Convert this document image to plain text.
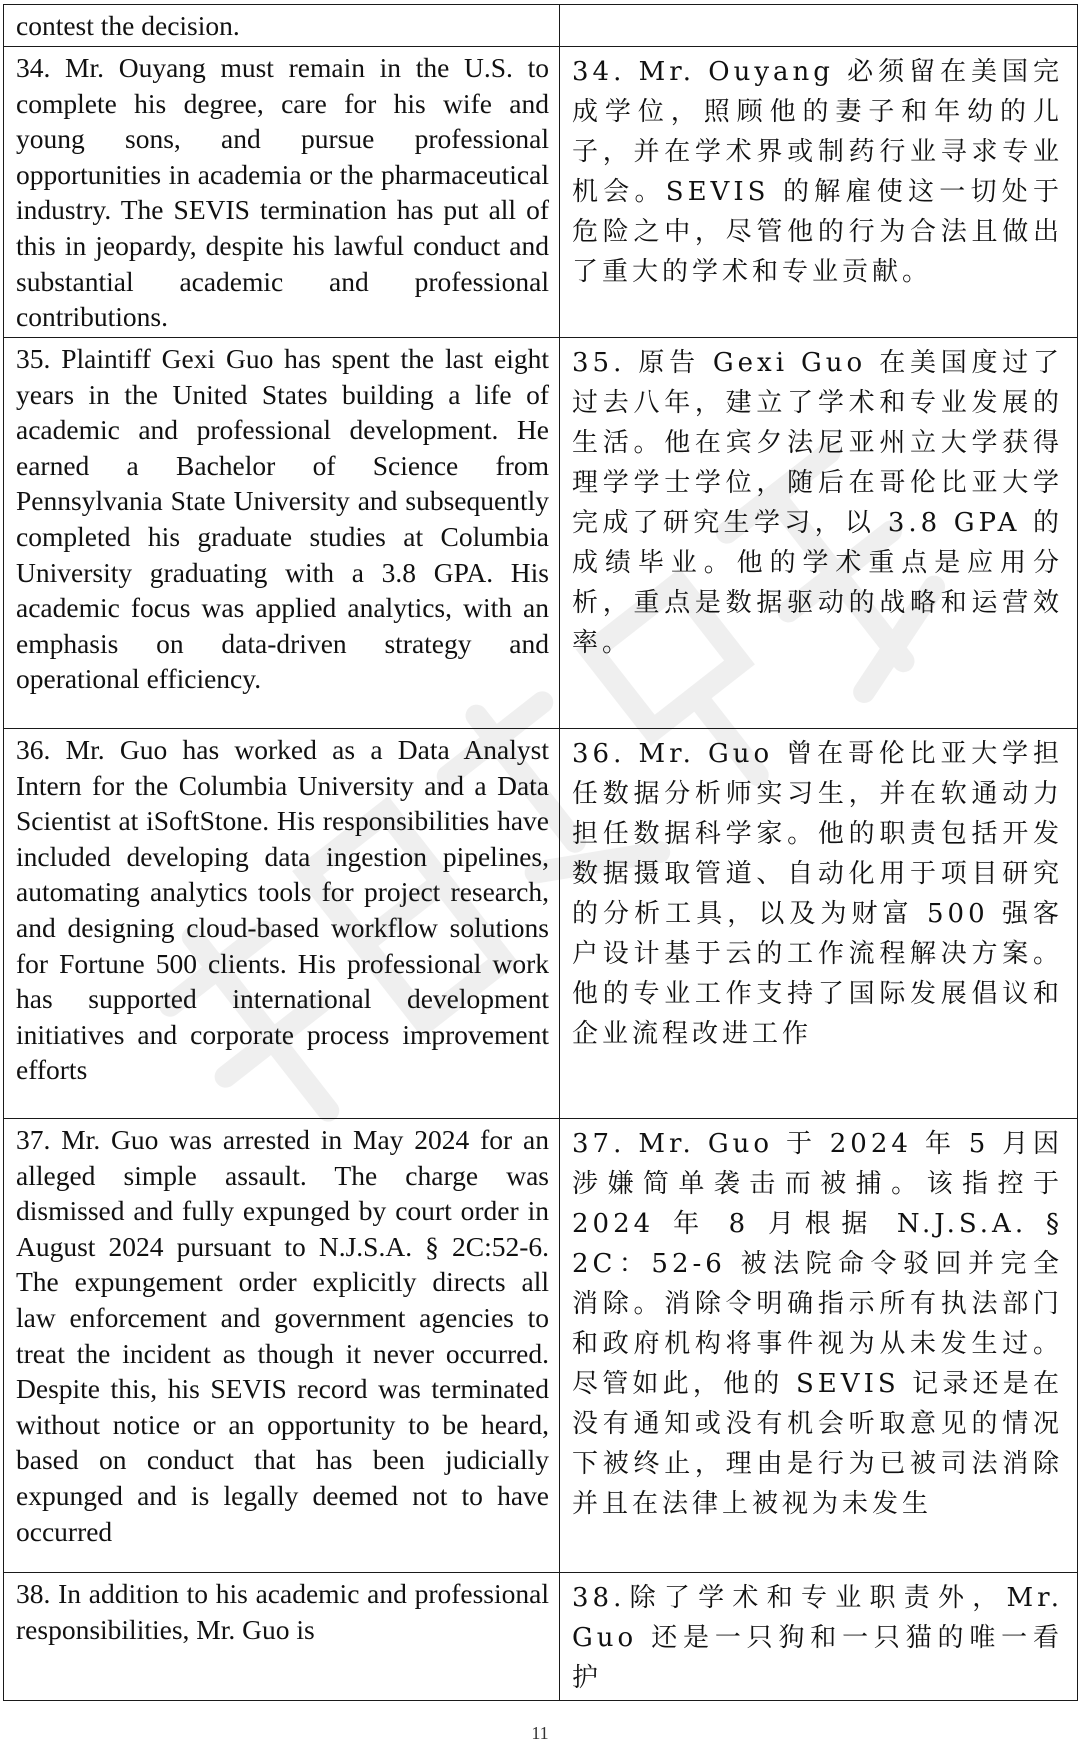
contest the decision.	

34. Mr. Ouyang must remain in the U.S. to complete his degree, care for his wife and young sons, and pursue professional opportunities in academia or the pharmaceutical industry. The SEVIS termination has put all of this in jeopardy, despite his lawful conduct and substantial academic and professional contributions.	34. Mr. Ouyang 必须留在美国完成学位，照顾他的妻子和年幼的儿子，并在学术界或制药行业寻求专业机会。SEVIS 的解雇使这一切处于危险之中，尽管他的行为合法且做出了重大的学术和专业贡献。

35. Plaintiff Gexi Guo has spent the last eight years in the United States building a life of academic and professional development. He earned a Bachelor of Science from Pennsylvania State University and subsequently completed his graduate studies at Columbia University graduating with a 3.8 GPA. His academic focus was applied analytics, with an emphasis on data-driven strategy and operational efficiency.	35. 原告 Gexi Guo 在美国度过了过去八年，建立了学术和专业发展的生活。他在宾夕法尼亚州立大学获得理学学士学位，随后在哥伦比亚大学完成了研究生学习，以 3.8 GPA 的成绩毕业。他的学术重点是应用分析，重点是数据驱动的战略和运营效率。

36. Mr. Guo has worked as a Data Analyst Intern for the Columbia University and a Data Scientist at iSoftStone. His responsibilities have included developing data ingestion pipelines, automating analytics tools for project research, and designing cloud-based workflow solutions for Fortune 500 clients. His professional work has supported international development initiatives and corporate process improvement efforts	36. Mr. Guo 曾在哥伦比亚大学担任数据分析师实习生，并在软通动力担任数据科学家。他的职责包括开发数据摄取管道、自动化用于项目研究的分析工具，以及为财富 500 强客户设计基于云的工作流程解决方案。他的专业工作支持了国际发展倡议和企业流程改进工作

37. Mr. Guo was arrested in May 2024 for an alleged simple assault. The charge was dismissed and fully expunged by court order in August 2024 pursuant to N.J.S.A. § 2C:52-6. The expungement order explicitly directs all law enforcement and government agencies to treat the incident as though it never occurred. Despite this, his SEVIS record was terminated without notice or an opportunity to be heard, based on conduct that has been judicially expunged and is legally deemed not to have occurred	37. Mr. Guo 于 2024 年 5 月因涉嫌简单袭击而被捕。该指控于 2024 年 8 月根据 N.J.S.A. § 2C：52-6 被法院命令驳回并完全消除。消除令明确指示所有执法部门和政府机构将事件视为从未发生过。尽管如此，他的 SEVIS 记录还是在没有通知或没有机会听取意见的情况下被终止，理由是行为已被司法消除并且在法律上被视为未发生

38. In addition to his academic and professional responsibilities, Mr. Guo is	38.除了学术和专业职责外，Mr. Guo 还是一只狗和一只猫的唯一看护

11
